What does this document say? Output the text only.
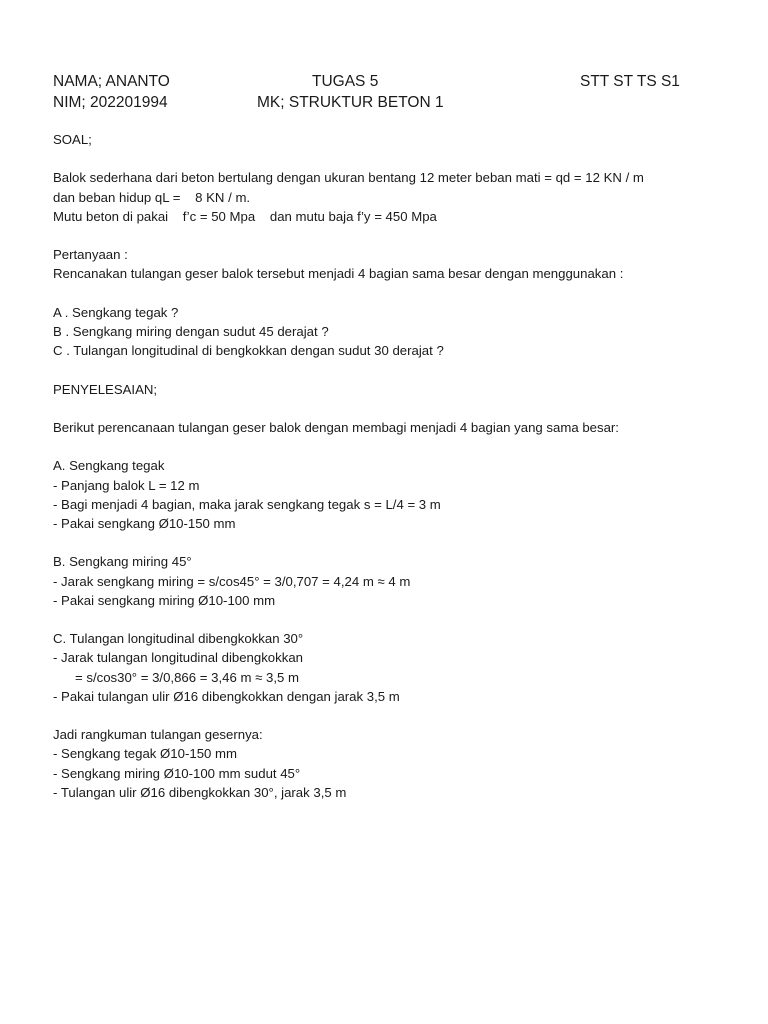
NAMA; ANANTO
NIM; 202201994
TUGAS 5
MK; STRUKTUR BETON 1
STT ST TS S1
SOAL;
Balok sederhana dari beton bertulang dengan ukuran bentang 12 meter beban mati = qd = 12 KN / m
dan beban hidup qL =    8 KN / m.
Mutu beton di pakai    f’c = 50 Mpa    dan mutu baja f’y = 450 Mpa
Pertanyaan :
Rencanakan tulangan geser balok tersebut menjadi 4 bagian sama besar dengan menggunakan :
A . Sengkang tegak ?
B . Sengkang miring dengan sudut 45 derajat ?
C . Tulangan longitudinal di bengkokkan dengan sudut 30 derajat ?
PENYELESAIAN;
Berikut perencanaan tulangan geser balok dengan membagi menjadi 4 bagian yang sama besar:
A. Sengkang tegak
- Panjang balok L = 12 m
- Bagi menjadi 4 bagian, maka jarak sengkang tegak s = L/4 = 3 m
- Pakai sengkang Ø10-150 mm
B. Sengkang miring 45°
- Jarak sengkang miring = s/cos45° = 3/0,707 = 4,24 m ≈ 4 m
- Pakai sengkang miring Ø10-100 mm
C. Tulangan longitudinal dibengkokkan 30°
- Jarak tulangan longitudinal dibengkokkan
= s/cos30° = 3/0,866 = 3,46 m ≈ 3,5 m
- Pakai tulangan ulir Ø16 dibengkokkan dengan jarak 3,5 m
Jadi rangkuman tulangan gesernya:
- Sengkang tegak Ø10-150 mm
- Sengkang miring Ø10-100 mm sudut 45°
- Tulangan ulir Ø16 dibengkokkan 30°, jarak 3,5 m
